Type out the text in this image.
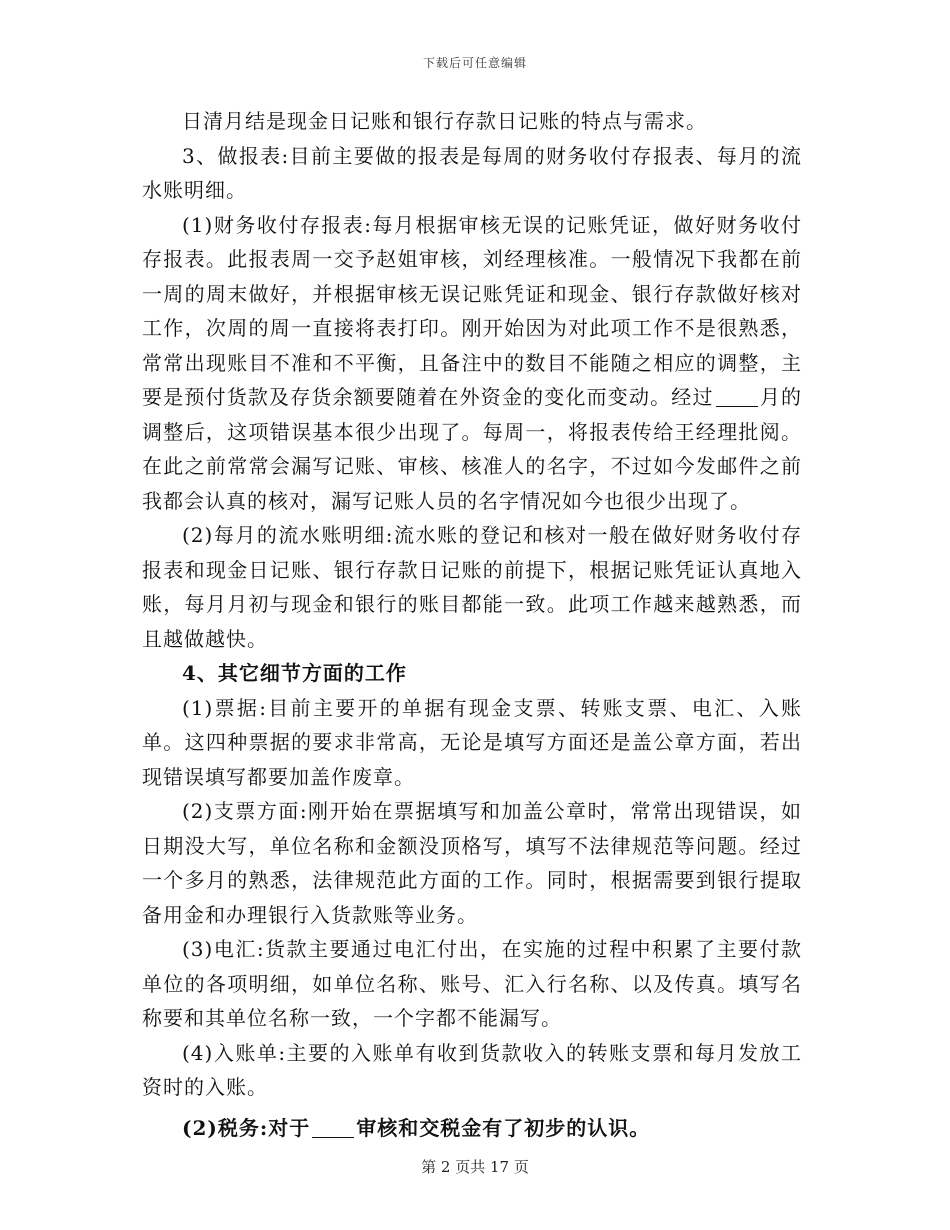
下载后可任意编辑

日清月结是现金日记账和银行存款日记账的特点与需求。

3、做报表:目前主要做的报表是每周的财务收付存报表、每月的流水账明细。

(1)财务收付存报表:每月根据审核无误的记账凭证，做好财务收付存报表。此报表周一交予赵姐审核，刘经理核准。一般情况下我都在前一周的周末做好，并根据审核无误记账凭证和现金、银行存款做好核对工作，次周的周一直接将表打印。刚开始因为对此项工作不是很熟悉，常常出现账目不准和不平衡，且备注中的数目不能随之相应的调整，主要是预付货款及存货余额要随着在外资金的变化而变动。经过 月的调整后，这项错误基本很少出现了。每周一，将报表传给王经理批阅。在此之前常常会漏写记账、审核、核准人的名字，不过如今发邮件之前我都会认真的核对，漏写记账人员的名字情况如今也很少出现了。

(2)每月的流水账明细:流水账的登记和核对一般在做好财务收付存报表和现金日记账、银行存款日记账的前提下，根据记账凭证认真地入账，每月月初与现金和银行的账目都能一致。此项工作越来越熟悉，而且越做越快。

4、其它细节方面的工作

(1)票据:目前主要开的单据有现金支票、转账支票、电汇、入账单。这四种票据的要求非常高，无论是填写方面还是盖公章方面，若出现错误填写都要加盖作废章。

(2)支票方面:刚开始在票据填写和加盖公章时，常常出现错误，如日期没大写，单位名称和金额没顶格写，填写不法律规范等问题。经过一个多月的熟悉，法律规范此方面的工作。同时，根据需要到银行提取备用金和办理银行入货款账等业务。

(3)电汇:货款主要通过电汇付出，在实施的过程中积累了主要付款单位的各项明细，如单位名称、账号、汇入行名称、以及传真。填写名称要和其单位名称一致，一个字都不能漏写。

(4)入账单:主要的入账单有收到货款收入的转账支票和每月发放工资时的入账。

(2)税务:对于 审核和交税金有了初步的认识。

第 2 页共 17 页
